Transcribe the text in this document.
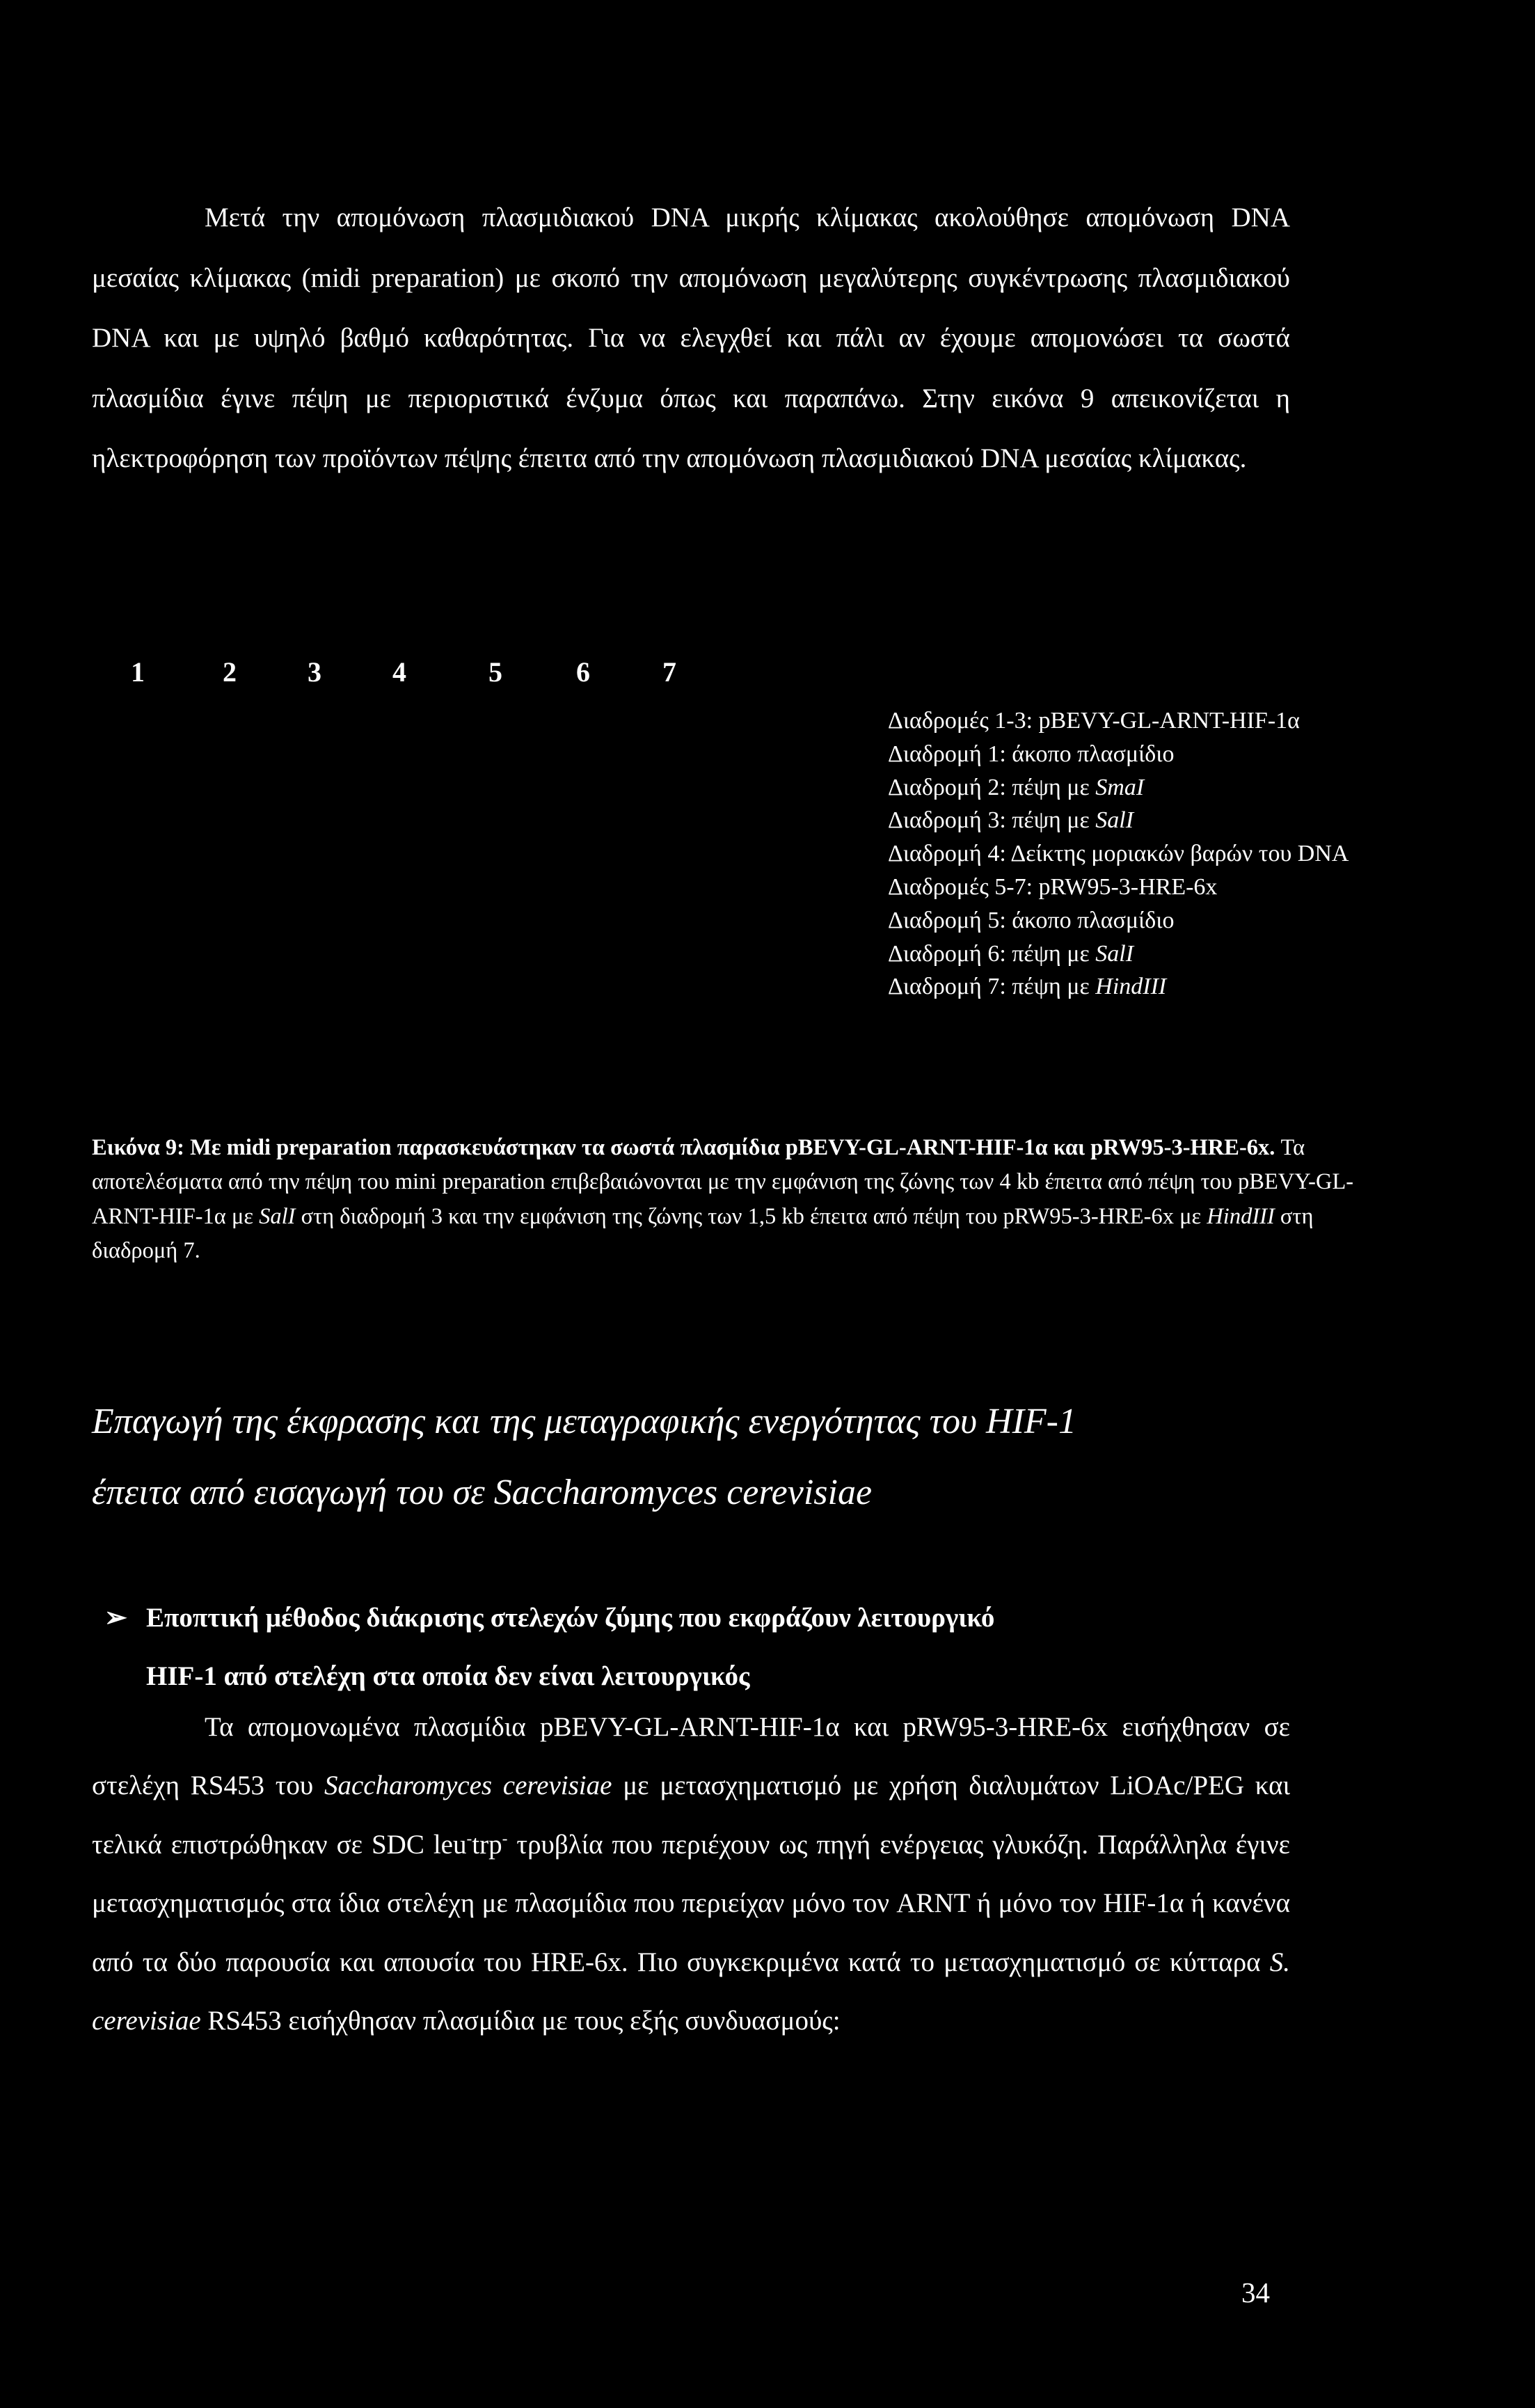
Μετά την απομόνωση πλασμιδιακού DNA μικρής κλίμακας ακολούθησε απομόνωση DNA μεσαίας κλίμακας (midi preparation) με σκοπό την απομόνωση μεγαλύτερης συγκέντρωσης πλασμιδιακού DNA και με υψηλό βαθμό καθαρότητας. Για να ελεγχθεί και πάλι αν έχουμε απομονώσει τα σωστά πλασμίδια έγινε πέψη με περιοριστικά ένζυμα όπως και παραπάνω. Στην εικόνα 9 απεικονίζεται η ηλεκτροφόρηση των προϊόντων πέψης έπειτα από την απομόνωση πλασμιδιακού DNA μεσαίας κλίμακας.

1	2	3	4	5	6	7
Διαδρομές 1-3: pBEVY-GL-ARNT-HIF-1α
Διαδρομή 1: άκοπο πλασμίδιο
Διαδρομή 2: πέψη με SmaI
Διαδρομή 3: πέψη με SalI
Διαδρομή 4: Δείκτης μοριακών βαρών του DNA
Διαδρομές 5-7: pRW95-3-HRE-6x
Διαδρομή 5: άκοπο πλασμίδιο
Διαδρομή 6: πέψη με SalI
Διαδρομή 7: πέψη με HindIII

Εικόνα 9: Με midi preparation παρασκευάστηκαν τα σωστά πλασμίδια pBEVY-GL-ARNT-HIF-1α και pRW95-3-HRE-6x. Τα αποτελέσματα από την πέψη του mini preparation επιβεβαιώνονται με την εμφάνιση της ζώνης των 4 kb έπειτα από πέψη του pBEVY-GL-ARNT-HIF-1α με SalI στη διαδρομή 3 και την εμφάνιση της ζώνης των 1,5 kb έπειτα από πέψη του pRW95-3-HRE-6x με HindIII στη διαδρομή 7.

Επαγωγή της έκφρασης και της μεταγραφικής ενεργότητας του HIF-1
έπειτα από εισαγωγή του σε Saccharomyces cerevisiae

➢ Εποπτική μέθοδος διάκρισης στελεχών ζύμης που εκφράζουν λειτουργικό
HIF-1 από στελέχη στα οποία δεν είναι λειτουργικός

Τα απομονωμένα πλασμίδια pBEVY-GL-ARNT-HIF-1α και pRW95-3-HRE-6x εισήχθησαν σε στελέχη RS453 του Saccharomyces cerevisiae με μετασχηματισμό με χρήση διαλυμάτων LiOAc/PEG και τελικά επιστρώθηκαν σε SDC leu-trp- τρυβλία που περιέχουν ως πηγή ενέργειας γλυκόζη. Παράλληλα έγινε μετασχηματισμός στα ίδια στελέχη με πλασμίδια που περιείχαν μόνο τον ARNT ή μόνο τον HIF-1α ή κανένα από τα δύο παρουσία και απουσία του HRE-6x. Πιο συγκεκριμένα κατά το μετασχηματισμό σε κύτταρα S. cerevisiae RS453 εισήχθησαν πλασμίδια με τους εξής συνδυασμούς:

34
